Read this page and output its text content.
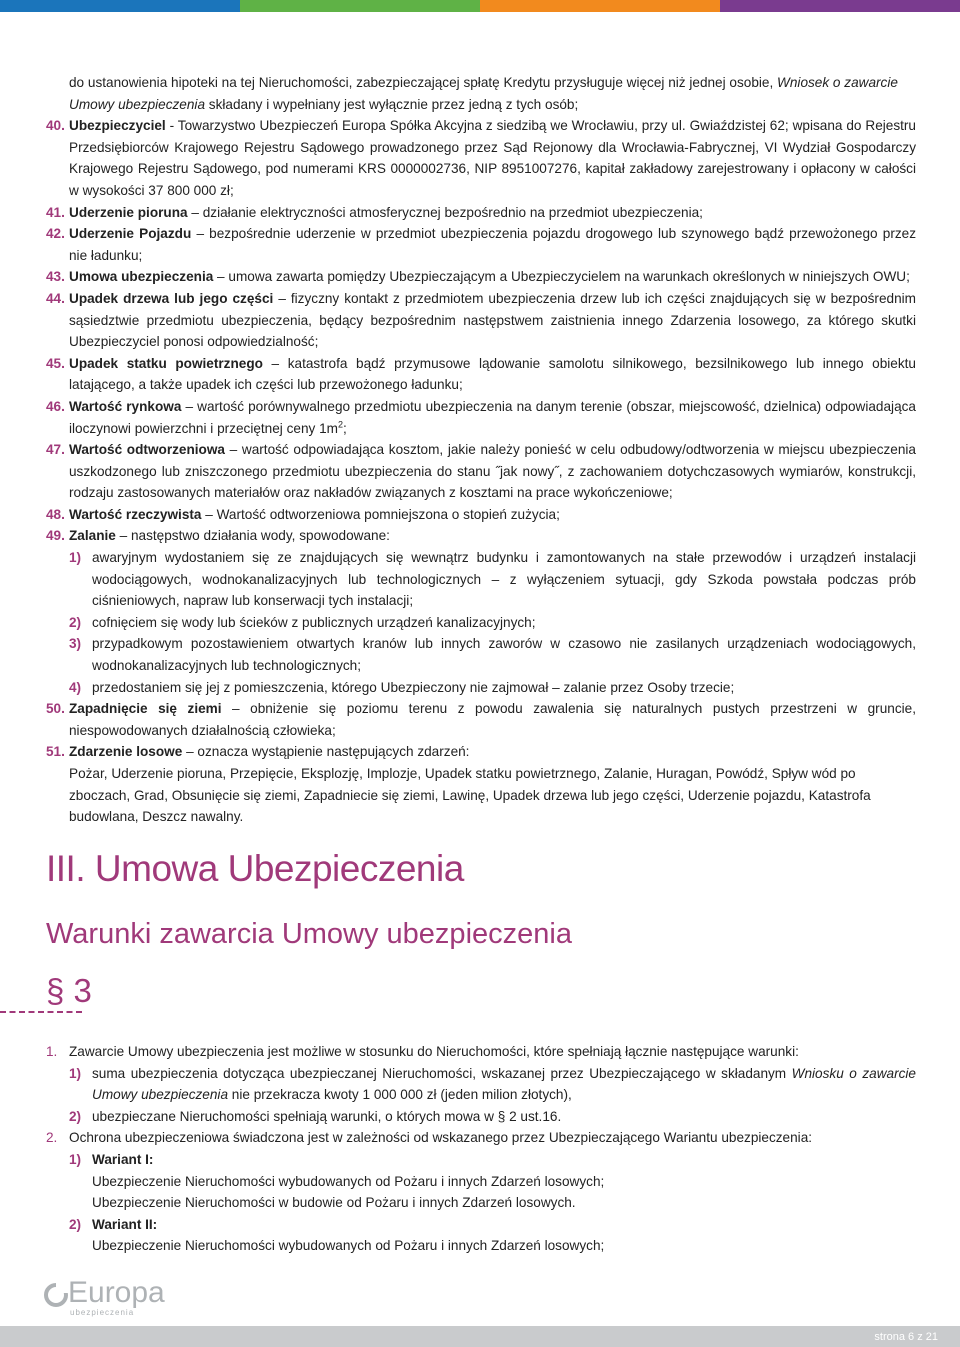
do ustanowienia hipoteki na tej Nieruchomości, zabezpieczającej spłatę Kredytu przysługuje więcej niż jednej osobie, Wniosek o zawarcie Umowy ubezpieczenia składany i wypełniany jest wyłącznie przez jedną z tych osób;
40. Ubezpieczyciel - Towarzystwo Ubezpieczeń Europa Spółka Akcyjna z siedzibą we Wrocławiu, przy ul. Gwiaździstej 62; wpisana do Rejestru Przedsiębiorców Krajowego Rejestru Sądowego prowadzonego przez Sąd Rejonowy dla Wrocławia-Fabrycznej, VI Wydział Gospodarczy Krajowego Rejestru Sądowego, pod numerami KRS 0000002736, NIP 8951007276, kapitał zakładowy zarejestrowany i opłacony w całości w wysokości 37 800 000 zł;
41. Uderzenie pioruna – działanie elektryczności atmosferycznej bezpośrednio na przedmiot ubezpieczenia;
42. Uderzenie Pojazdu – bezpośrednie uderzenie w przedmiot ubezpieczenia pojazdu drogowego lub szynowego bądź przewożonego przez nie ładunku;
43. Umowa ubezpieczenia – umowa zawarta pomiędzy Ubezpieczającym a Ubezpieczycielem na warunkach określonych w niniejszych OWU;
44. Upadek drzewa lub jego części – fizyczny kontakt z przedmiotem ubezpieczenia drzew lub ich części znajdujących się w bezpośrednim sąsiedztwie przedmiotu ubezpieczenia, będący bezpośrednim następstwem zaistnienia innego Zdarzenia losowego, za którego skutki Ubezpieczyciel ponosi odpowiedzialność;
45. Upadek statku powietrznego – katastrofa bądź przymusowe lądowanie samolotu silnikowego, bezsilnikowego lub innego obiektu latającego, a także upadek ich części lub przewożonego ładunku;
46. Wartość rynkowa – wartość porównywalnego przedmiotu ubezpieczenia na danym terenie (obszar, miejscowość, dzielnica) odpowiadająca iloczynowi powierzchni i przeciętnej ceny $1m^2$;
47. Wartość odtworzeniowa – wartość odpowiadająca kosztom, jakie należy ponieść w celu odbudowy/odtworzenia w miejscu ubezpieczenia uszkodzonego lub zniszczonego przedmiotu ubezpieczenia do stanu ˝jak nowy˝, z zachowaniem dotychczasowych wymiarów, konstrukcji, rodzaju zastosowanych materiałów oraz nakładów związanych z kosztami na prace wykończeniowe;
48. Wartość rzeczywista – Wartość odtworzeniowa pomniejszona o stopień zużycia;
49. Zalanie – następstwo działania wody, spowodowane:
1) awaryjnym wydostaniem się ze znajdujących się wewnątrz budynku i zamontowanych na stałe przewodów i urządzeń instalacji wodociągowych, wodnokanalizacyjnych lub technologicznych – z wyłączeniem sytuacji, gdy Szkoda powstała podczas prób ciśnieniowych, napraw lub konserwacji tych instalacji;
2) cofnięciem się wody lub ścieków z publicznych urządzeń kanalizacyjnych;
3) przypadkowym pozostawieniem otwartych kranów lub innych zaworów w czasowo nie zasilanych urządzeniach wodociągowych, wodnokanalizacyjnych lub technologicznych;
4) przedostaniem się jej z pomieszczenia, którego Ubezpieczony nie zajmował – zalanie przez Osoby trzecie;
50. Zapadnięcie się ziemi – obniżenie się poziomu terenu z powodu zawalenia się naturalnych pustych przestrzeni w gruncie, niespowodowanych działalnością człowieka;
51. Zdarzenie losowe – oznacza wystąpienie następujących zdarzeń:
Pożar, Uderzenie pioruna, Przepięcie, Eksplozję, Implozje, Upadek statku powietrznego, Zalanie, Huragan, Powódź, Spływ wód po zboczach, Grad, Obsunięcie się ziemi, Zapadniecie się ziemi, Lawinę, Upadek drzewa lub jego części, Uderzenie pojazdu, Katastrofa budowlana, Deszcz nawalny.
III. Umowa Ubezpieczenia
Warunki zawarcia Umowy ubezpieczenia
§ 3
1. Zawarcie Umowy ubezpieczenia jest możliwe w stosunku do Nieruchomości, które spełniają łącznie następujące warunki:
1) suma ubezpieczenia dotycząca ubezpieczanej Nieruchomości, wskazanej przez Ubezpieczającego w składanym Wniosku o zawarcie Umowy ubezpieczenia nie przekracza kwoty 1 000 000 zł (jeden milion złotych),
2) ubezpieczane Nieruchomości spełniają warunki, o których mowa w § 2 ust.16.
2. Ochrona ubezpieczeniowa świadczona jest w zależności od wskazanego przez Ubezpieczającego Wariantu ubezpieczenia:
1) Wariant I:
Ubezpieczenie Nieruchomości wybudowanych od Pożaru i innych Zdarzeń losowych;
Ubezpieczenie Nieruchomości w budowie od Pożaru i innych Zdarzeń losowych.
2) Wariant II:
Ubezpieczenie Nieruchomości wybudowanych od Pożaru i innych Zdarzeń losowych;
Europa
ubezpieczenia
strona 6 z 21
